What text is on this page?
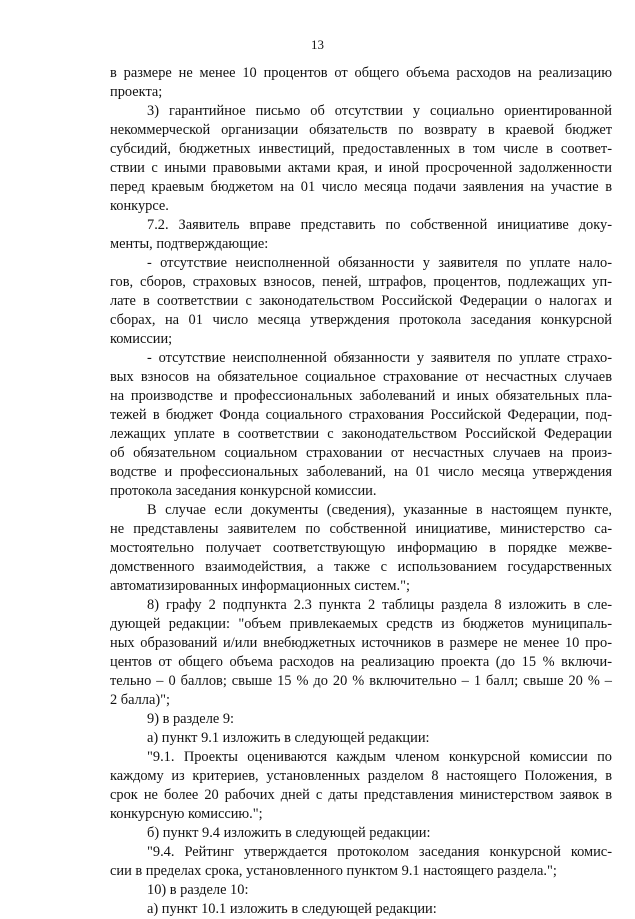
13
в размере не менее 10 процентов от общего объема расходов на реализацию
проекта;
3) гарантийное письмо об отсутствии у социально ориентированной
некоммерческой организации обязательств по возврату в краевой бюджет
субсидий, бюджетных инвестиций, предоставленных в том числе в соответ-
ствии с иными правовыми актами края, и иной просроченной задолженности
перед краевым бюджетом на 01 число месяца подачи заявления на участие в
конкурсе.
7.2. Заявитель вправе представить по собственной инициативе доку-
менты, подтверждающие:
- отсутствие неисполненной обязанности у заявителя по уплате нало-
гов, сборов, страховых взносов, пеней, штрафов, процентов, подлежащих уп-
лате в соответствии с законодательством Российской Федерации о налогах и
сборах, на 01 число месяца утверждения протокола заседания конкурсной
комиссии;
- отсутствие неисполненной обязанности у заявителя по уплате страхо-
вых взносов на обязательное социальное страхование от несчастных случаев
на производстве и профессиональных заболеваний и иных обязательных пла-
тежей в бюджет Фонда социального страхования Российской Федерации, под-
лежащих уплате в соответствии с законодательством Российской Федерации
об обязательном социальном страховании от несчастных случаев на произ-
водстве и профессиональных заболеваний, на 01 число месяца утверждения
протокола заседания конкурсной комиссии.
В случае если документы (сведения), указанные в настоящем пункте,
не представлены заявителем по собственной инициативе, министерство са-
мостоятельно получает соответствующую информацию в порядке межве-
домственного взаимодействия, а также с использованием государственных
автоматизированных информационных систем.";
8) графу 2 подпункта 2.3 пункта 2 таблицы раздела 8 изложить в сле-
дующей редакции: "объем привлекаемых средств из бюджетов муниципаль-
ных образований и/или внебюджетных источников в размере не менее 10 про-
центов от общего объема расходов на реализацию проекта (до 15 % включи-
тельно – 0 баллов; свыше 15 % до 20 % включительно – 1 балл; свыше 20 % –
2 балла)";
9) в разделе 9:
а) пункт 9.1 изложить в следующей редакции:
"9.1. Проекты оцениваются каждым членом конкурсной комиссии по
каждому из критериев, установленных разделом 8 настоящего Положения, в
срок не более 20 рабочих дней с даты представления министерством заявок в
конкурсную комиссию.";
б) пункт 9.4 изложить в следующей редакции:
"9.4. Рейтинг утверждается протоколом заседания конкурсной комис-
сии в пределах срока, установленного пунктом 9.1 настоящего раздела.";
10) в разделе 10:
а) пункт 10.1 изложить в следующей редакции:
